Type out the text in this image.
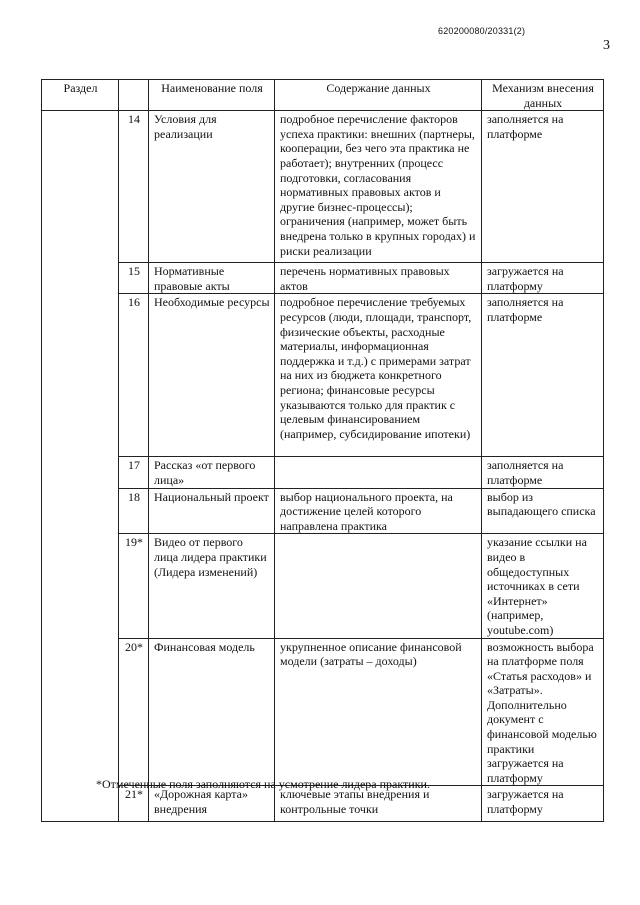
620200080/20331(2)
3
Раздел		Наименование поля	Содержание данных	Механизм внесения данных
	14	Условия для реализации	подробное перечисление факторов успеха практики: внешних (партнеры, кооперации, без чего эта практика не работает); внутренних (процесс подготовки, согласования нормативных правовых актов и другие бизнес-процессы); ограничения (например, может быть внедрена только в крупных городах) и риски реализации	заполняется на платформе
	15	Нормативные правовые акты	перечень нормативных правовых актов	загружается на платформу
	16	Необходимые ресурсы	подробное перечисление требуемых ресурсов (люди, площади, транспорт, физические объекты, расходные материалы, информационная поддержка и т.д.) с примерами затрат на них из бюджета конкретного региона; финансовые ресурсы указываются только для практик с целевым финансированием (например, субсидирование ипотеки)	заполняется на платформе
	17	Рассказ «от первого лица»		заполняется на платформе
	18	Национальный проект	выбор национального проекта, на достижение целей которого направлена практика	выбор из выпадающего списка
	19*	Видео от первого лица лидера практики (Лидера изменений)		указание ссылки на видео в общедоступных источниках в сети «Интернет» (например, youtube.com)
	20*	Финансовая модель	укрупненное описание финансовой модели (затраты – доходы)	возможность выбора на платформе поля «Статья расходов» и «Затраты». Дополнительно документ с финансовой моделью практики загружается на платформу
	21*	«Дорожная карта» внедрения	ключевые этапы внедрения и контрольные точки	загружается на платформу
*Отмеченные поля заполняются на усмотрение лидера практики.
